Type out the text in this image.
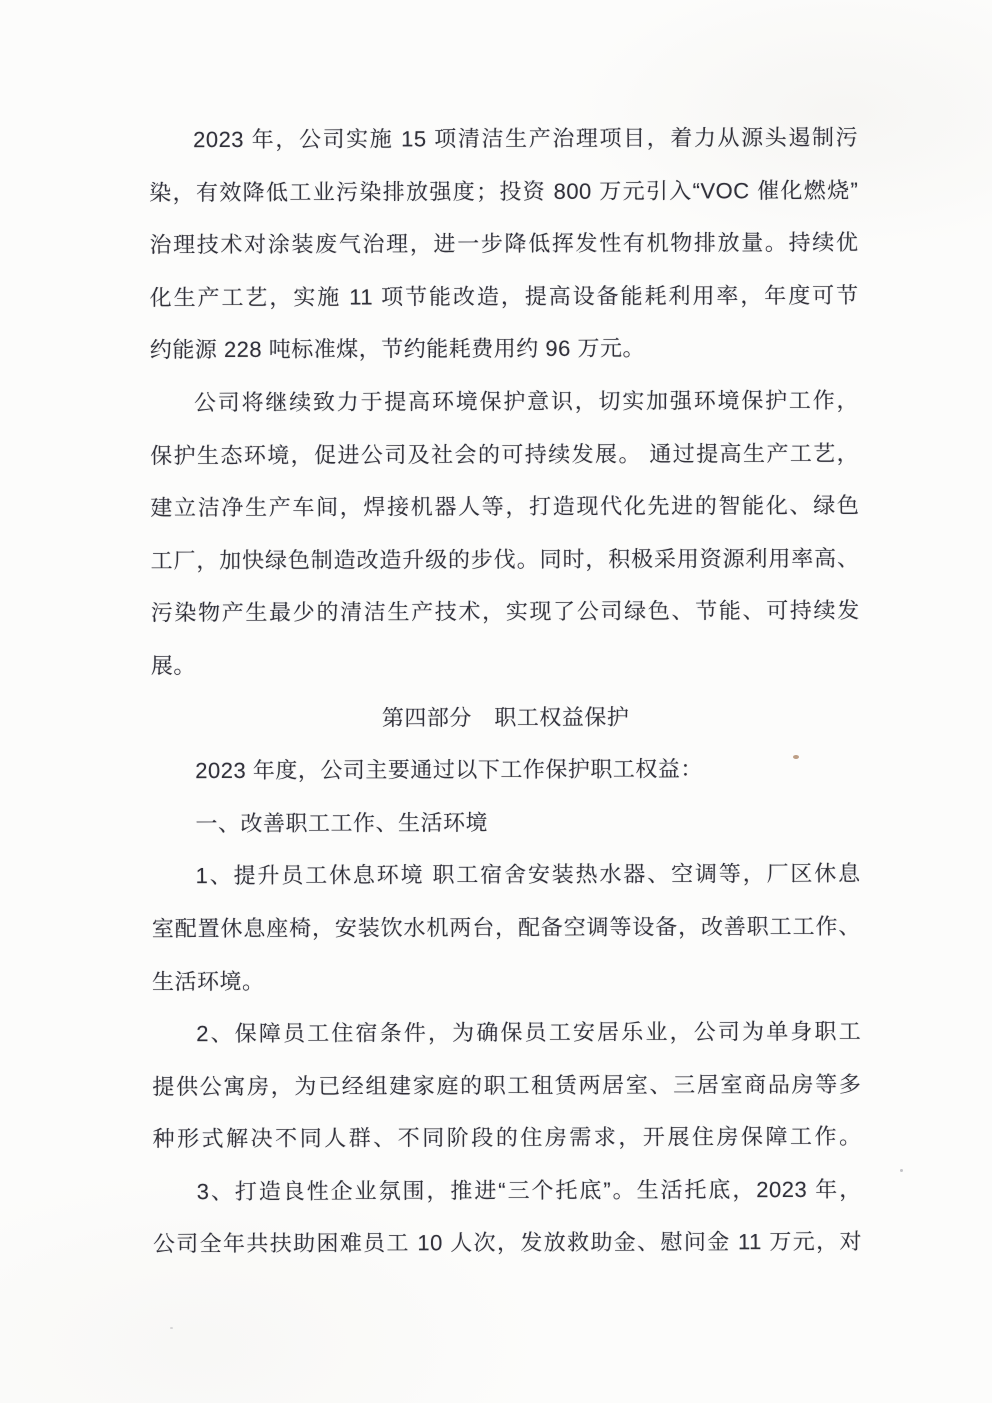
2023 年，公司实施 15 项清洁生产治理项目，着力从源头遏制污
染，有效降低工业污染排放强度；投资 800 万元引入“VOC 催化燃烧”
治理技术对涂装废气治理，进一步降低挥发性有机物排放量。持续优
化生产工艺，实施 11 项节能改造，提高设备能耗利用率，年度可节
约能源 228 吨标准煤，节约能耗费用约 96 万元。
公司将继续致力于提高环境保护意识，切实加强环境保护工作，
保护生态环境，促进公司及社会的可持续发展。 通过提高生产工艺，
建立洁净生产车间，焊接机器人等，打造现代化先进的智能化、绿色
工厂，加快绿色制造改造升级的步伐。同时，积极采用资源利用率高、
污染物产生最少的清洁生产技术，实现了公司绿色、节能、可持续发
展。
第四部分　职工权益保护
2023 年度，公司主要通过以下工作保护职工权益：
一、改善职工工作、生活环境
1、提升员工休息环境 职工宿舍安装热水器、空调等，厂区休息
室配置休息座椅，安装饮水机两台，配备空调等设备，改善职工工作、
生活环境。
2、保障员工住宿条件，为确保员工安居乐业，公司为单身职工
提供公寓房，为已经组建家庭的职工租赁两居室、三居室商品房等多
种形式解决不同人群、不同阶段的住房需求，开展住房保障工作。
3、打造良性企业氛围，推进“三个托底”。生活托底，2023 年，
公司全年共扶助困难员工 10 人次，发放救助金、慰问金 11 万元，对
